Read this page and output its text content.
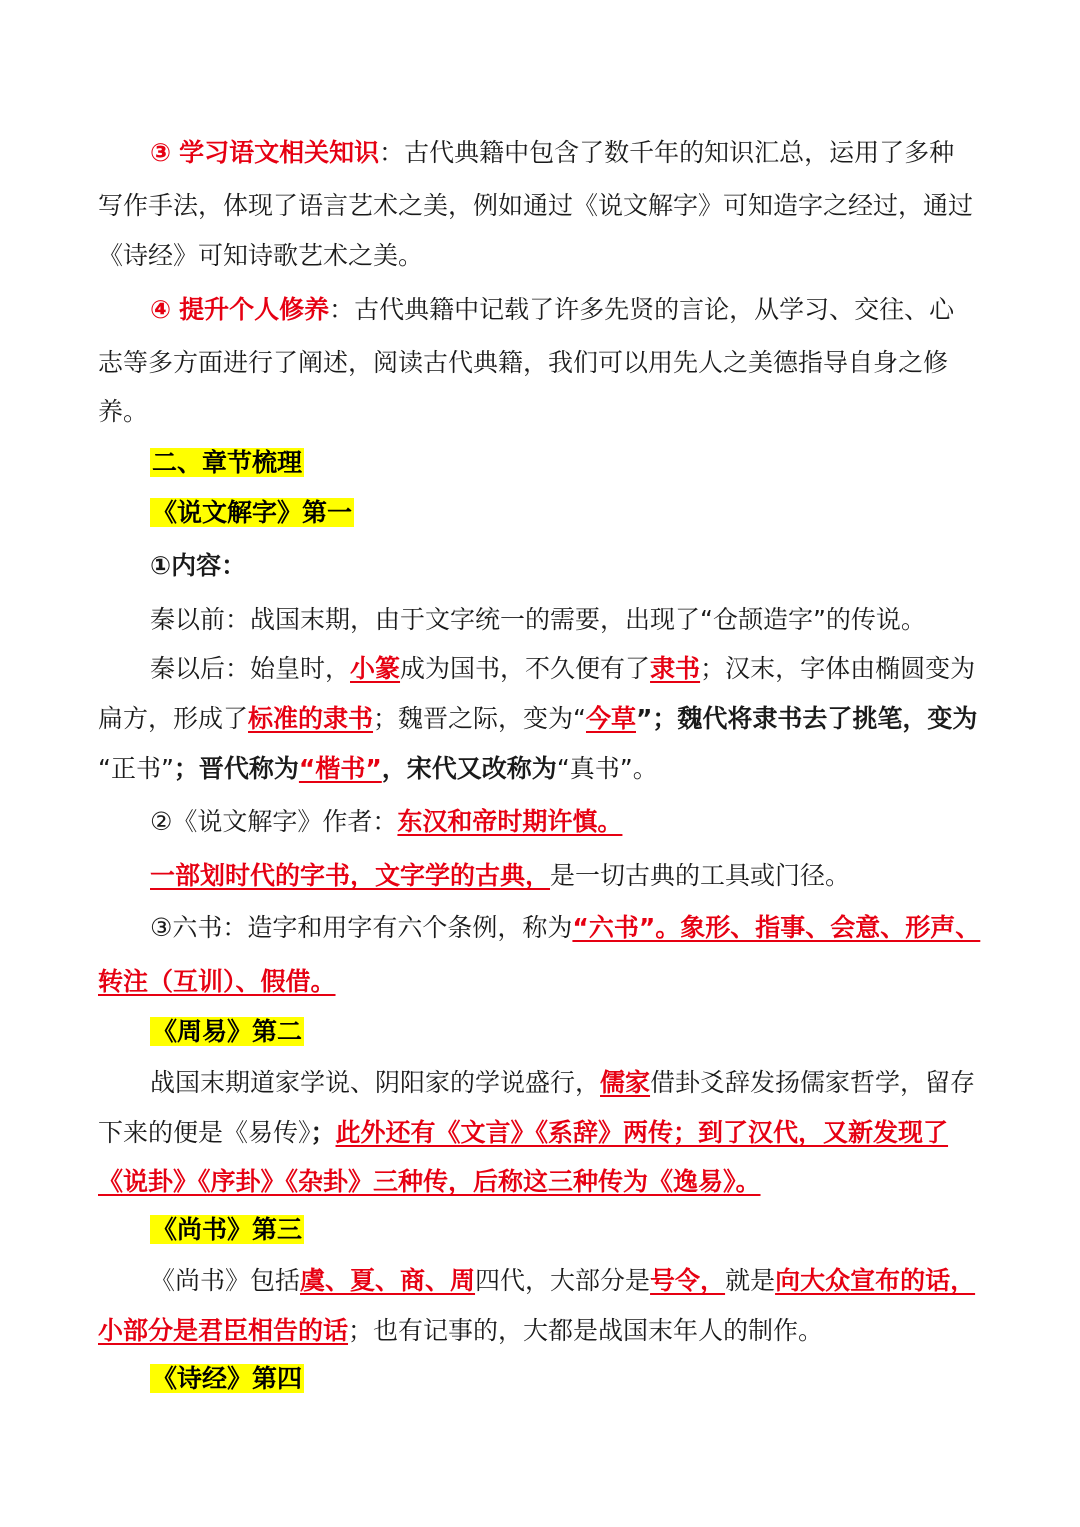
③ 学习语文相关知识：古代典籍中包含了数千年的知识汇总，运用了多种
写作手法，体现了语言艺术之美，例如通过《说文解字》可知造字之经过，通过
《诗经》可知诗歌艺术之美。
④ 提升个人修养：古代典籍中记载了许多先贤的言论，从学习、交往、心
志等多方面进行了阐述，阅读古代典籍，我们可以用先人之美德指导自身之修
养。
二、章节梳理
《说文解字》第一
①内容：
秦以前：战国末期，由于文字统一的需要，出现了“仓颉造字”的传说。
秦以后：始皇时，小篆成为国书，不久便有了隶书；汉末，字体由椭圆变为
扁方，形成了标准的隶书；魏晋之际，变为“今草”；魏代将隶书去了挑笔，变为
“正书”；晋代称为“楷书”，宋代又改称为“真书”。
②《说文解字》作者：东汉和帝时期许慎。
一部划时代的字书，文字学的古典，是一切古典的工具或门径。
③六书：造字和用字有六个条例，称为“六书”。象形、指事、会意、形声、
转注（互训）、假借。
《周易》第二
战国末期道家学说、阴阳家的学说盛行，儒家借卦爻辞发扬儒家哲学，留存
下来的便是《易传》；此外还有《文言》《系辞》两传；到了汉代，又新发现了
《说卦》《序卦》《杂卦》三种传，后称这三种传为《逸易》。
《尚书》第三
《尚书》包括虞、夏、商、周四代，大部分是号令，就是向大众宣布的话，
小部分是君臣相告的话；也有记事的，大都是战国末年人的制作。
《诗经》第四
